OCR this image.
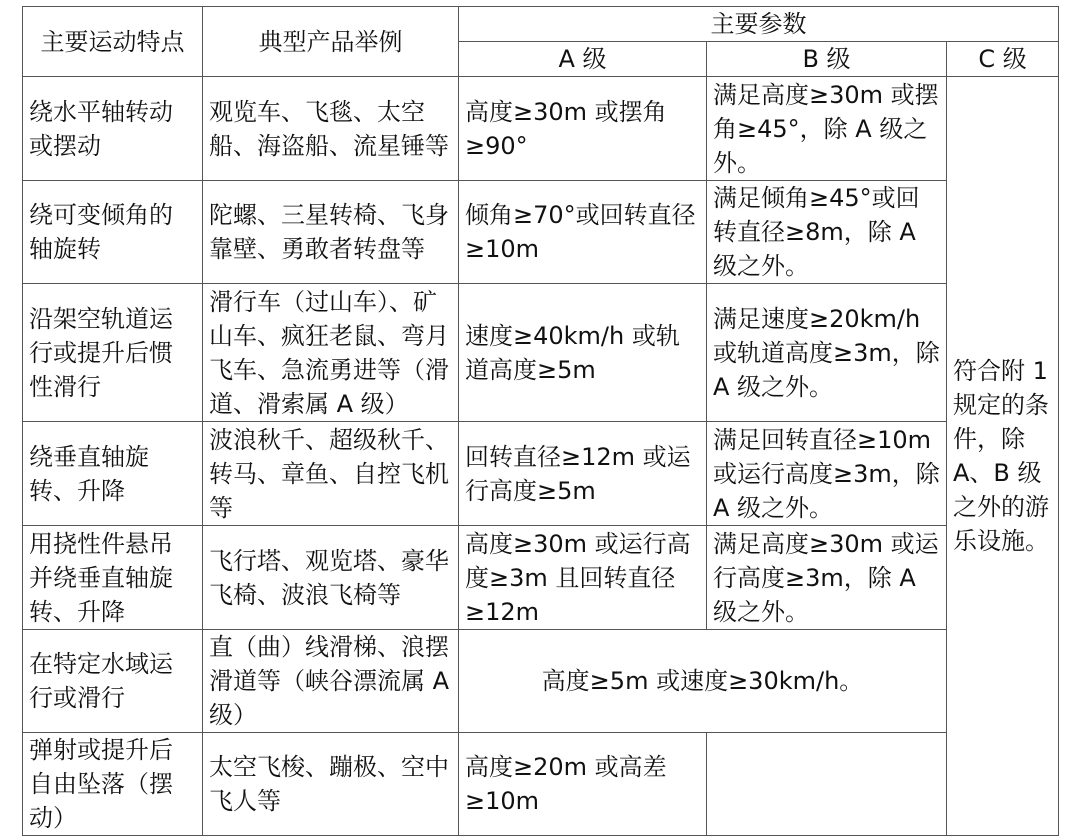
主要运动特点	典型产品举例	主要参数		
		A 级	B 级	C 级
绕水平轴转动或摆动	观览车、飞毯、太空船、海盗船、流星锤等	高度≥30m 或摆角≥90°	满足高度≥30m 或摆角≥45°，除 A 级之外。	符合附 1 规定的条件，除 A、B 级之外的游乐设施。
绕可变倾角的轴旋转	陀螺、三星转椅、飞身靠壁、勇敢者转盘等	倾角≥70°或回转直径≥10m	满足倾角≥45°或回转直径≥8m，除 A 级之外。	
沿架空轨道运行或提升后惯性滑行	滑行车（过山车）、矿山车、疯狂老鼠、弯月飞车、急流勇进等（滑道、滑索属 A 级）	速度≥40km/h 或轨道高度≥5m	满足速度≥20km/h 或轨道高度≥3m，除 A 级之外。	
绕垂直轴旋转、升降	波浪秋千、超级秋千、转马、章鱼、自控飞机等	回转直径≥12m 或运行高度≥5m	满足回转直径≥10m 或运行高度≥3m，除 A 级之外。	
用挠性件悬吊并绕垂直轴旋转、升降	飞行塔、观览塔、豪华飞椅、波浪飞椅等	高度≥30m 或运行高度≥3m 且回转直径≥12m	满足高度≥30m 或运行高度≥3m，除 A 级之外。	
在特定水域运行或滑行	直（曲）线滑梯、浪摆滑道等（峡谷漂流属 A 级）	高度≥5m 或速度≥30km/h。		
弹射或提升后自由坠落（摆动）	太空飞梭、蹦极、空中飞人等	高度≥20m 或高差≥10m		
